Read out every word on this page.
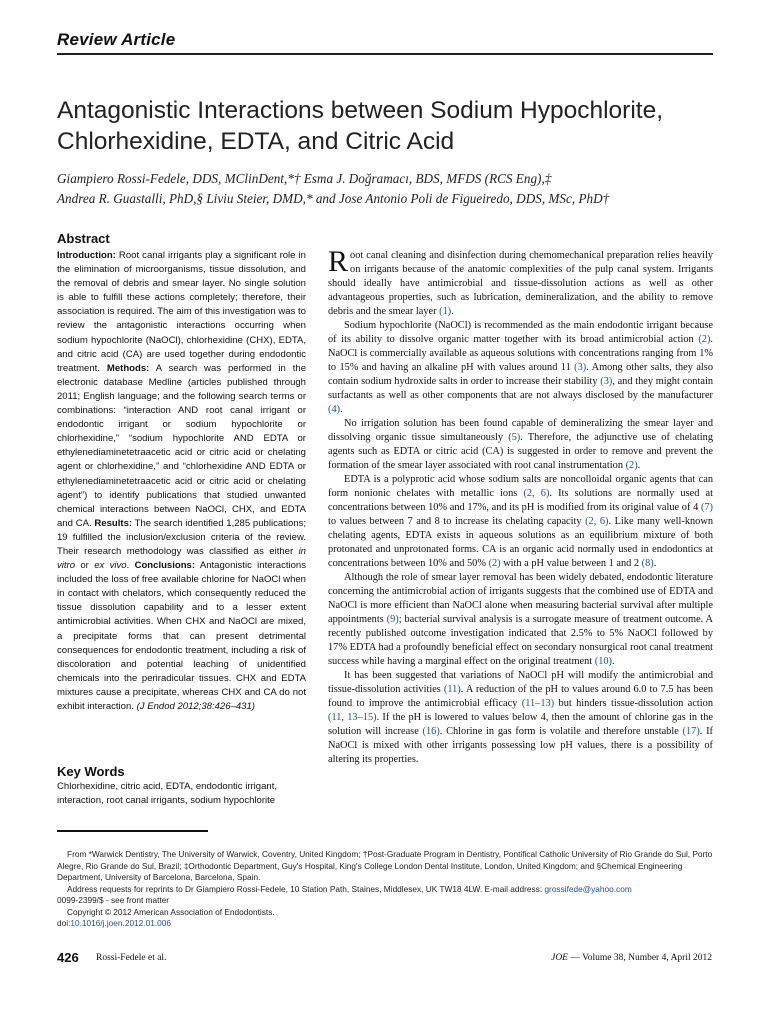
Review Article
Antagonistic Interactions between Sodium Hypochlorite, Chlorhexidine, EDTA, and Citric Acid
Giampiero Rossi-Fedele, DDS, MClinDent,*† Esma J. Doğramacı, BDS, MFDS (RCS Eng),‡
Andrea R. Guastalli, PhD,§ Liviu Steier, DMD,* and Jose Antonio Poli de Figueiredo, DDS, MSc, PhD†
Abstract
Introduction: Root canal irrigants play a significant role in the elimination of microorganisms, tissue dissolution, and the removal of debris and smear layer. No single solution is able to fulfill these actions completely; therefore, their association is required. The aim of this investigation was to review the antagonistic interactions occurring when sodium hypochlorite (NaOCl), chlorhexidine (CHX), EDTA, and citric acid (CA) are used together during endodontic treatment. Methods: A search was performed in the electronic database Medline (articles published through 2011; English language; and the following search terms or combinations: “interaction AND root canal irrigant or endodontic irrigant or sodium hypochlorite or chlorhexidine,” “sodium hypochlorite AND EDTA or ethylenediaminetetraacetic acid or citric acid or chelating agent or chlorhexidine,” and “chlorhexidine AND EDTA or ethylenediaminetetraacetic acid or citric acid or chelating agent”) to identify publications that studied unwanted chemical interactions between NaOCl, CHX, and EDTA and CA. Results: The search identified 1,285 publications; 19 fulfilled the inclusion/exclusion criteria of the review. Their research methodology was classified as either in vitro or ex vivo. Conclusions: Antagonistic interactions included the loss of free available chlorine for NaOCl when in contact with chelators, which consequently reduced the tissue dissolution capability and to a lesser extent antimicrobial activities. When CHX and NaOCl are mixed, a precipitate forms that can present detrimental consequences for endodontic treatment, including a risk of discoloration and potential leaching of unidentified chemicals into the periradicular tissues. CHX and EDTA mixtures cause a precipitate, whereas CHX and CA do not exhibit interaction. (J Endod 2012;38:426–431)
Key Words
Chlorhexidine, citric acid, EDTA, endodontic irrigant, interaction, root canal irrigants, sodium hypochlorite

Root canal cleaning and disinfection during chemomechanical preparation relies heavily on irrigants because of the anatomic complexities of the pulp canal system. Irrigants should ideally have antimicrobial and tissue-dissolution actions as well as other advantageous properties, such as lubrication, demineralization, and the ability to remove debris and the smear layer (1).

Sodium hypochlorite (NaOCl) is recommended as the main endodontic irrigant because of its ability to dissolve organic matter together with its broad antimicrobial action (2). NaOCl is commercially available as aqueous solutions with concentrations ranging from 1% to 15% and having an alkaline pH with values around 11 (3). Among other salts, they also contain sodium hydroxide salts in order to increase their stability (3), and they might contain surfactants as well as other components that are not always disclosed by the manufacturer (4).

No irrigation solution has been found capable of demineralizing the smear layer and dissolving organic tissue simultaneously (5). Therefore, the adjunctive use of chelating agents such as EDTA or citric acid (CA) is suggested in order to remove and prevent the formation of the smear layer associated with root canal instrumentation (2).

EDTA is a polyprotic acid whose sodium salts are noncolloidal organic agents that can form nonionic chelates with metallic ions (2, 6). Its solutions are normally used at concentrations between 10% and 17%, and its pH is modified from its original value of 4 (7) to values between 7 and 8 to increase its chelating capacity (2, 6). Like many well-known chelating agents, EDTA exists in aqueous solutions as an equilibrium mixture of both protonated and unprotonated forms. CA is an organic acid normally used in endodontics at concentrations between 10% and 50% (2) with a pH value between 1 and 2 (8).

Although the role of smear layer removal has been widely debated, endodontic literature concerning the antimicrobial action of irrigants suggests that the combined use of EDTA and NaOCl is more efficient than NaOCl alone when measuring bacterial survival after multiple appointments (9); bacterial survival analysis is a surrogate measure of treatment outcome. A recently published outcome investigation indicated that 2.5% to 5% NaOCl followed by 17% EDTA had a profoundly beneficial effect on secondary nonsurgical root canal treatment success while having a marginal effect on the original treatment (10).

It has been suggested that variations of NaOCl pH will modify the antimicrobial and tissue-dissolution activities (11). A reduction of the pH to values around 6.0 to 7.5 has been found to improve the antimicrobial efficacy (11–13) but hinders tissue-dissolution action (11, 13–15). If the pH is lowered to values below 4, then the amount of chlorine gas in the solution will increase (16). Chlorine in gas form is volatile and therefore unstable (17). If NaOCl is mixed with other irrigants possessing low pH values, there is a possibility of altering its properties.

From *Warwick Dentistry, The University of Warwick, Coventry, United Kingdom; †Post-Graduate Program in Dentistry, Pontifical Catholic University of Rio Grande do Sul, Porto Alegre, Rio Grande do Sul, Brazil; ‡Orthodontic Department, Guy's Hospital, King's College London Dental Institute, London, United Kingdom; and §Chemical Engineering Department, University of Barcelona, Barcelona, Spain.
Address requests for reprints to Dr Giampiero Rossi-Fedele, 10 Station Path, Staines, Middlesex, UK TW18 4LW. E-mail address: grossifede@yahoo.com
0099-2399/$ - see front matter
Copyright © 2012 American Association of Endodontists.
doi:10.1016/j.joen.2012.01.006
426 Rossi-Fedele et al.	JOE — Volume 38, Number 4, April 2012
